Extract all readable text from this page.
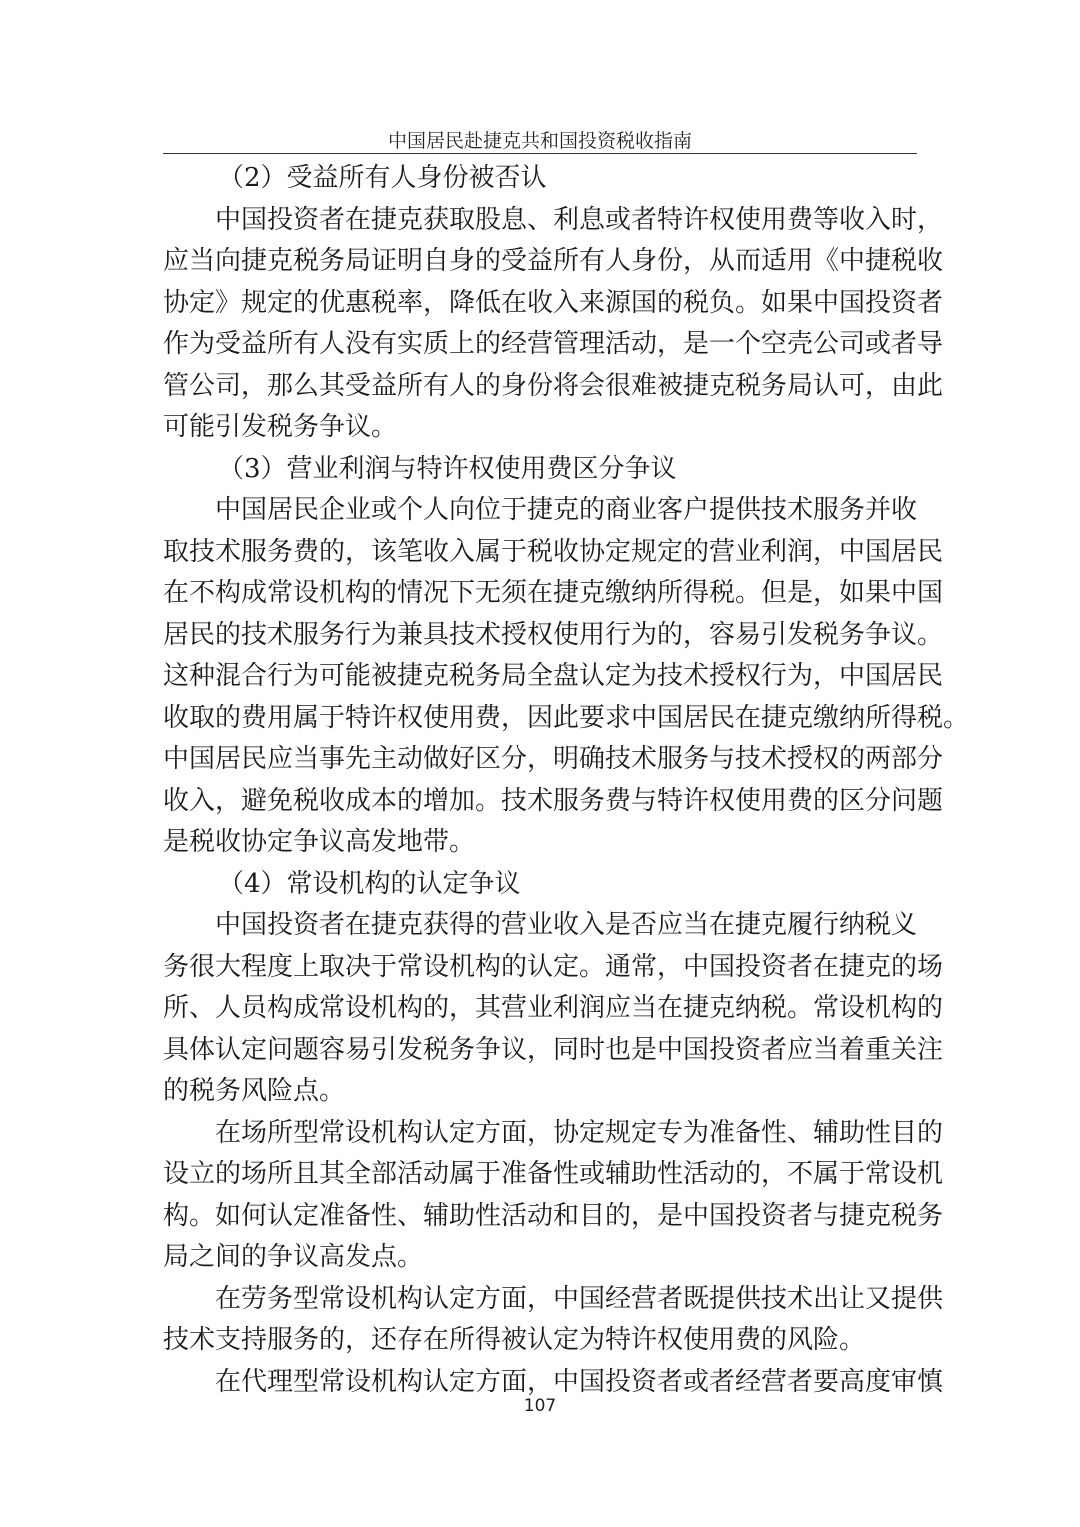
中国居民赴捷克共和国投资税收指南
（2）受益所有人身份被否认
中国投资者在捷克获取股息、利息或者特许权使用费等收入时，
应当向捷克税务局证明自身的受益所有人身份，从而适用《中捷税收
协定》规定的优惠税率，降低在收入来源国的税负。如果中国投资者
作为受益所有人没有实质上的经营管理活动，是一个空壳公司或者导
管公司，那么其受益所有人的身份将会很难被捷克税务局认可，由此
可能引发税务争议。
（3）营业利润与特许权使用费区分争议
中国居民企业或个人向位于捷克的商业客户提供技术服务并收
取技术服务费的，该笔收入属于税收协定规定的营业利润，中国居民
在不构成常设机构的情况下无须在捷克缴纳所得税。但是，如果中国
居民的技术服务行为兼具技术授权使用行为的，容易引发税务争议。
这种混合行为可能被捷克税务局全盘认定为技术授权行为，中国居民
收取的费用属于特许权使用费，因此要求中国居民在捷克缴纳所得税。
中国居民应当事先主动做好区分，明确技术服务与技术授权的两部分
收入，避免税收成本的增加。技术服务费与特许权使用费的区分问题
是税收协定争议高发地带。
（4）常设机构的认定争议
中国投资者在捷克获得的营业收入是否应当在捷克履行纳税义
务很大程度上取决于常设机构的认定。通常，中国投资者在捷克的场
所、人员构成常设机构的，其营业利润应当在捷克纳税。常设机构的
具体认定问题容易引发税务争议，同时也是中国投资者应当着重关注
的税务风险点。
在场所型常设机构认定方面，协定规定专为准备性、辅助性目的
设立的场所且其全部活动属于准备性或辅助性活动的，不属于常设机
构。如何认定准备性、辅助性活动和目的，是中国投资者与捷克税务
局之间的争议高发点。
在劳务型常设机构认定方面，中国经营者既提供技术出让又提供
技术支持服务的，还存在所得被认定为特许权使用费的风险。
在代理型常设机构认定方面，中国投资者或者经营者要高度审慎
107
